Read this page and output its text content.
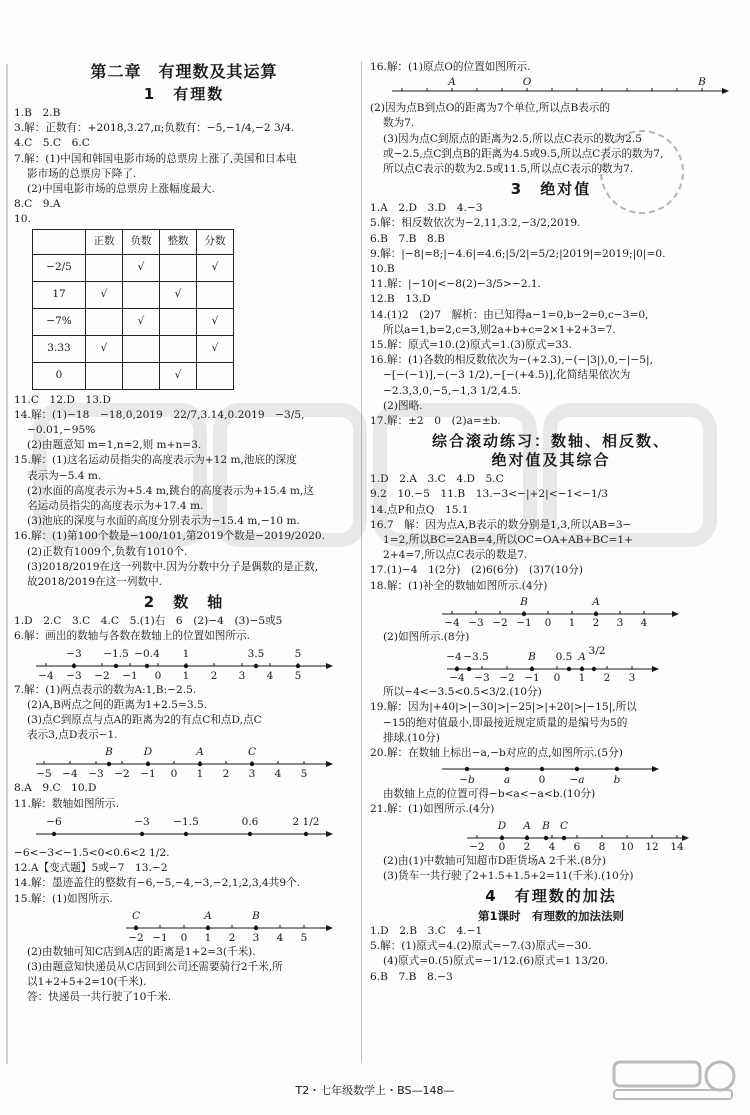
第二章　有理数及其运算
1　有理数

1.B　2.B

3.解：正数有：+2018,3.27,π;负数有：−5,−1/4,−2 3/4.

4.C　5.C　6.C

7.解：(1)中国和韩国电影市场的总票房上涨了,美国和日本电

影市场的总票房下降了.

(2)中国电影市场的总票房上涨幅度最大.

8.C　9.A

10.

	正数	负数	整数	分数
−2/5		√		√
17	√		√	
−7%		√		√
3.33	√			√
0			√	

11.C　12.D　13.D

14.解：(1)−18　−18,0,2019　22/7,3.14,0.2019　−3/5,

−0.01,−95%

(2)由题意知 m=1,n=2,则 m+n=3.

15.解：(1)这名运动员指尖的高度表示为+12 m,池底的深度

表示为−5.4 m.

(2)水面的高度表示为+5.4 m,跳台的高度表示为+15.4 m,这

名运动员指尖的高度表示为+17.4 m.

(3)池底的深度与水面的高度分别表示为−15.4 m,−10 m.

16.解：(1)第100个数是−100/101,第2019个数是−2019/2020.

(2)正数有1009个,负数有1010个.

(3)2018/2019在这一列数中.因为分数中分子是偶数的是正数,

故2018/2019在这一列数中.

2　数　轴

1.D　2.C　3.C　4.C　5.(1)右　6　(2)−4　(3)−5或5

6.解：画出的数轴与各数在数轴上的位置如图所示.

−3 −1.5 −0.4 1	3.5	5
−4 −3 −2 −1 0 1 2 3 4 5

7.解：(1)两点表示的数为A:1,B:−2.5.

(2)A,B两点之间的距离为1+2.5=3.5.

(3)点C到原点与点A的距离为2的有点C和点D,点C

表示3,点D表示−1.

B	D	A	C
−5 −4 −3 −2 −1 0 1 2 3 4 5

8.A　9.C　10.D

11.解：数轴如图所示.

−6	−3 −1.5	0.6	2 1/2

−6<−3<−1.5<0<0.6<2 1/2.

12.A【变式题】5或−7　13.−2

14.解：墨迹盖住的整数有−6,−5,−4,−3,−2,1,2,3,4共9个.

15.解：(1)如图所示.

C	A	B
−2 −1 0 1 2 3 4 5

(2)由数轴可知C店到A店的距离是1+2=3(千米).

(3)由题意知快递员从C店回到公司还需要骑行2千米,所

以1+2+5+2=10(千米).

答：快递员一共行驶了10千米.

16.解：(1)原点O的位置如图所示.

A	O	B

(2)因为点B到点O的距离为7个单位,所以点B表示的

数为7.

(3)因为点C到原点的距离为2.5,所以点C表示的数为2.5

或−2.5,点C到点B的距离为4.5或9.5,所以点C表示的数为7,

所以点C表示的数为2.5或11.5,所以点C表示的数为7.

3　绝对值

1.A　2.D　3.D　4.−3

5.解：相反数依次为−2,11,3.2,−3/2,2019.

6.B　7.B　8.B

9.解：|−8|=8;|−4.6|=4.6;|5/2|=5/2;|2019|=2019;|0|=0.

10.B

11.解：|−10|<−8(2)−3/5>−2.1.

12.B　13.D

14.(1)2　(2)7　解析：由已知得a−1=0,b−2=0,c−3=0,

所以a=1,b=2,c=3,则2a+b+c=2×1+2+3=7.

15.解：原式=10.(2)原式=1.(3)原式=33.

16.解：(1)各数的相反数依次为−(+2.3),−(−|3|),0,−|−5|,

−[−(−1)],−(−3 1/2),−[−(+4.5)],化简结果依次为

−2.3,3,0,−5,−1,3 1/2,4.5.

(2)图略.

17.解：±2　0　(2)a=±b.

综合滚动练习：数轴、相反数、
绝对值及其综合

1.D　2.A　3.C　4.D　5.C

9.2　10.−5　11.B　13.−3<−|+2|<−1<−1/3

14.点P和点Q　15.1

16.7　解：因为点A,B表示的数分别是1,3,所以AB=3−

1=2,所以BC=2AB=4,所以OC=OA+AB+BC=1+

2+4=7,所以点C表示的数是7.

17.(1)−4　1(2分)　(2)6(6分)　(3)7(10分)

18.解：(1)补全的数轴如图所示.(4分)

B	A
−4 −3 −2 −1 0 1 2 3 4

(2)如图所示.(8分)

−4 −3.5	B 0.5 A 3/2
−4 −3 −2 −1 0 1 2 3

所以−4<−3.5<0.5<3/2.(10分)

19.解：因为|+40|>|−30|>|−25|>|+20|>|−15|,所以

−15的绝对值最小,即最接近规定质量的是编号为5的

排球.(10分)

20.解：在数轴上标出−a,−b对应的点,如图所示.(5分)

−b	a	0 −a	b

由数轴上点的位置可得−b<a<−a<b.(10分)

21.解：(1)如图所示.(4分)

D A B C
−2 0 2 4 6 8 10 12 14

(2)由(1)中数轴可知超市D距货场A 2千米.(8分)

(3)货车一共行驶了2+1.5+1.5+2=11(千米).(10分)

4　有理数的加法
第1课时　有理数的加法法则

1.D　2.B　3.C　4.−1

5.解：(1)原式=4.(2)原式=−7.(3)原式=−30.

(4)原式=0.(5)原式=−1/12.(6)原式=1 13/20.

6.B　7.B　8.−3

T2・七年级数学上・BS—148—
